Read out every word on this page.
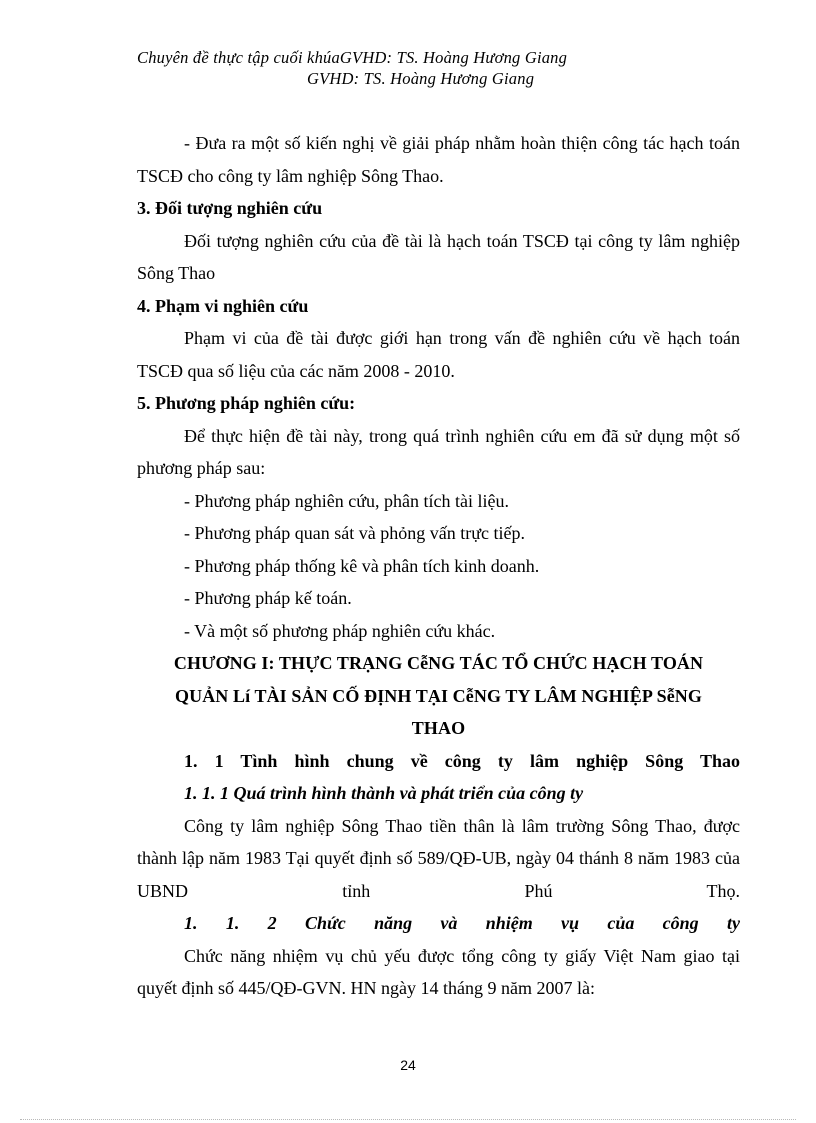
Chuyên đề thực tập cuối khúaGVHD: TS. Hoàng Hương Giang
GVHD: TS. Hoàng Hương Giang

- Đưa ra một số kiến nghị về giải pháp nhằm hoàn thiện công tác hạch toán TSCĐ cho công ty lâm nghiệp Sông Thao.

3. Đối tượng nghiên cứu

Đối tượng nghiên cứu của đề tài là hạch toán TSCĐ tại công ty lâm nghiệp Sông Thao

4. Phạm vi nghiên cứu

Phạm vi của đề tài được giới hạn trong vấn đề nghiên cứu về hạch toán TSCĐ qua số liệu của các năm 2008 - 2010.

5. Phương pháp nghiên cứu:

Để thực hiện đề tài này, trong quá trình nghiên cứu em đã sử dụng một số phương pháp sau:

- Phương pháp nghiên cứu, phân tích tài liệu.

- Phương pháp quan sát và phỏng vấn trực tiếp.

- Phương pháp thống kê và phân tích kinh doanh.

- Phương pháp kế toán.

- Và một số phương pháp nghiên cứu khác.

CHƯƠNG I: THỰC TRẠNG CễNG TÁC TỔ CHỨC HẠCH TOÁN

QUẢN Lí TÀI SẢN CỐ ĐỊNH TẠI CễNG TY LÂM NGHIỆP SễNG

THAO

1. 1 Tình hình chung về công ty lâm nghiệp Sông Thao

1. 1. 1 Quá trình hình thành và phát triển của công ty

Công ty lâm nghiệp Sông Thao tiền thân là lâm trường Sông Thao, được thành lập năm 1983 Tại quyết định số 589/QĐ-UB, ngày 04 thánh 8 năm 1983 của UBND tỉnh Phú Thọ.

1. 1. 2 Chức năng và nhiệm vụ của công ty

Chức năng nhiệm vụ chủ yếu được tổng công ty giấy Việt Nam giao tại quyết định số 445/QĐ-GVN. HN ngày 14 tháng 9 năm 2007 là:

24
